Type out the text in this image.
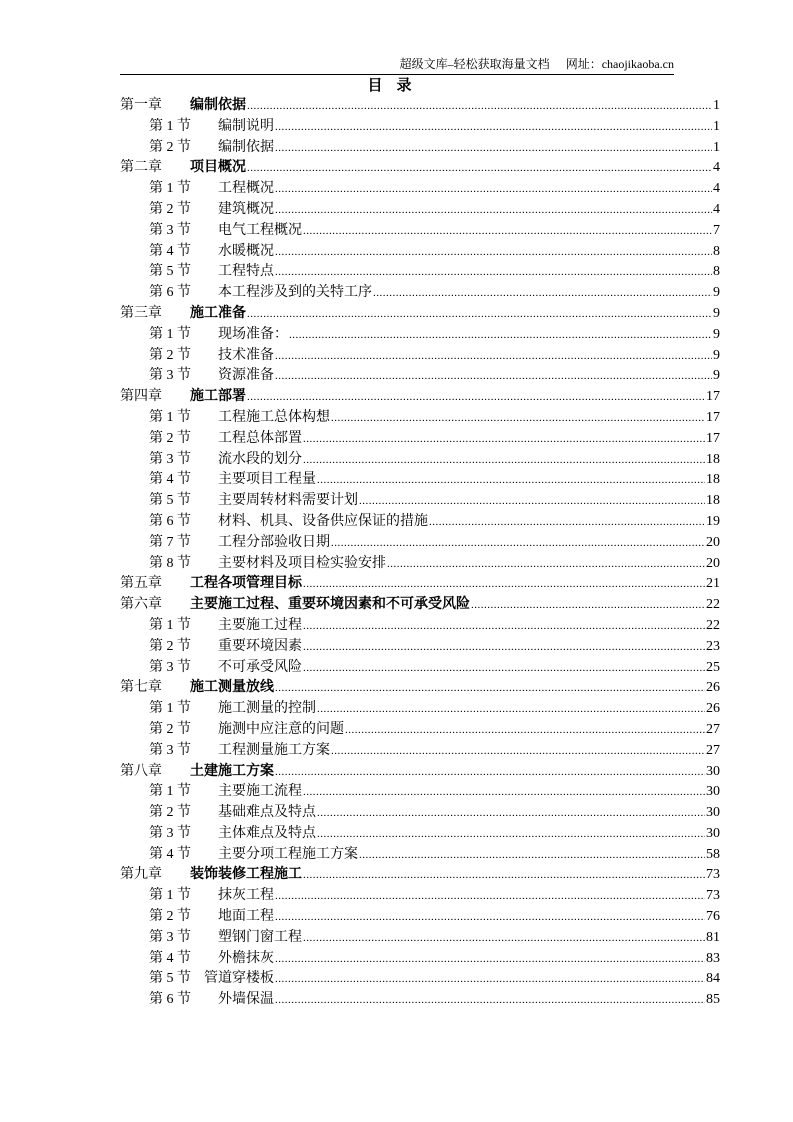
超级文库–轻松获取海量文档 网址：chaojikaoba.cn
目录
第一章	编制依据 .....	1
第 1 节	编制说明 .....	1
第 2 节	编制依据 .....	1
第二章	项目概况 .....	4
第 1 节	工程概况 .....	4
第 2 节	建筑概况 .....	4
第 3 节	电气工程概况 .....	7
第 4 节	水暖概况 .....	8
第 5 节	工程特点 .....	8
第 6 节	本工程涉及到的关特工序 .....	9
第三章	施工准备 .....	9
第 1 节	现场准备： .....	9
第 2 节	技术准备 .....	9
第 3 节	资源准备 .....	9
第四章	施工部署 .....	17
第 1 节	工程施工总体构想 .....	17
第 2 节	工程总体部置 .....	17
第 3 节	流水段的划分 .....	18
第 4 节	主要项目工程量 .....	18
第 5 节	主要周转材料需要计划 .....	18
第 6 节	材料、机具、设备供应保证的措施 .....	19
第 7 节	工程分部验收日期 .....	20
第 8 节	主要材料及项目检实验安排 .....	20
第五章	工程各项管理目标 .....	21
第六章	主要施工过程、重要环境因素和不可承受风险 .....	22
第 1 节	主要施工过程 .....	22
第 2 节	重要环境因素 .....	23
第 3 节	不可承受风险 .....	25
第七章	施工测量放线 .....	26
第 1 节	施工测量的控制 .....	26
第 2 节	施测中应注意的问题 .....	27
第 3 节	工程测量施工方案 .....	27
第八章	土建施工方案 .....	30
第 1 节	主要施工流程 .....	30
第 2 节	基础难点及特点 .....	30
第 3 节	主体难点及特点 .....	30
第 4 节	主要分项工程施工方案 .....	58
第九章	装饰装修工程施工 .....	73
第 1 节	抹灰工程 .....	73
第 2 节	地面工程 .....	76
第 3 节	塑钢门窗工程 .....	81
第 4 节	外檐抹灰 .....	83
第 5 节 管道穿楼板 .....	84
第 6 节	外墙保温 .....	85
